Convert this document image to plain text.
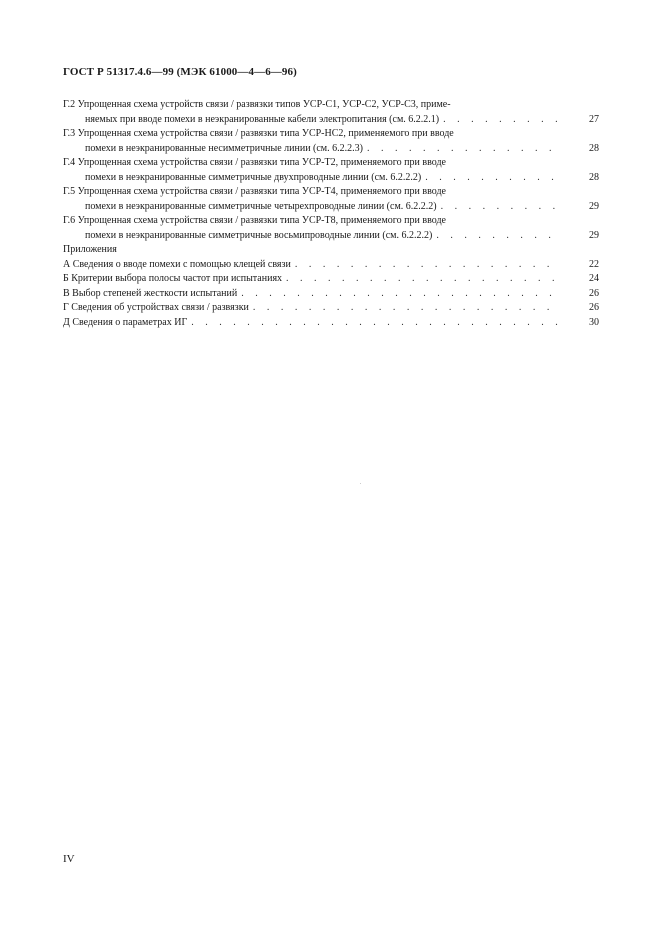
ГОСТ Р 51317.4.6—99 (МЭК 61000—4—6—96)
Г.2 Упрощенная схема устройств связи / развязки типов УСР-С1, УСР-С2, УСР-С3, приме-
няемых при вводе помехи в неэкранированные кабели электропитания (см. 6.2.2.1) . . .	27
Г.3 Упрощенная схема устройства связи / развязки типа УСР-НС2, применяемого при вводе
помехи в неэкранированные несимметричные линии (см. 6.2.2.3) . . .	28
Г.4 Упрощенная схема устройства связи / развязки типа УСР-Т2, применяемого при вводе
помехи в неэкранированные симметричные двухпроводные линии (см. 6.2.2.2) . . .	28
Г.5 Упрощенная схема устройства связи / развязки типа УСР-Т4, применяемого при вводе
помехи в неэкранированные симметричные четырехпроводные линии (см. 6.2.2.2) . . .	29
Г.6 Упрощенная схема устройства связи / развязки типа УСР-Т8, применяемого при вводе
помехи в неэкранированные симметричные восьмипроводные линии (см. 6.2.2.2) . . .	29
Приложения
А Сведения о вводе помехи с помощью клещей связи . . .	22
Б Критерии выбора полосы частот при испытаниях . . .	24
В Выбор степеней жесткости испытаний . . .	26
Г Сведения об устройствах связи / развязки . . .	26
Д Сведения о параметрах ИГ . . .	30
IV
